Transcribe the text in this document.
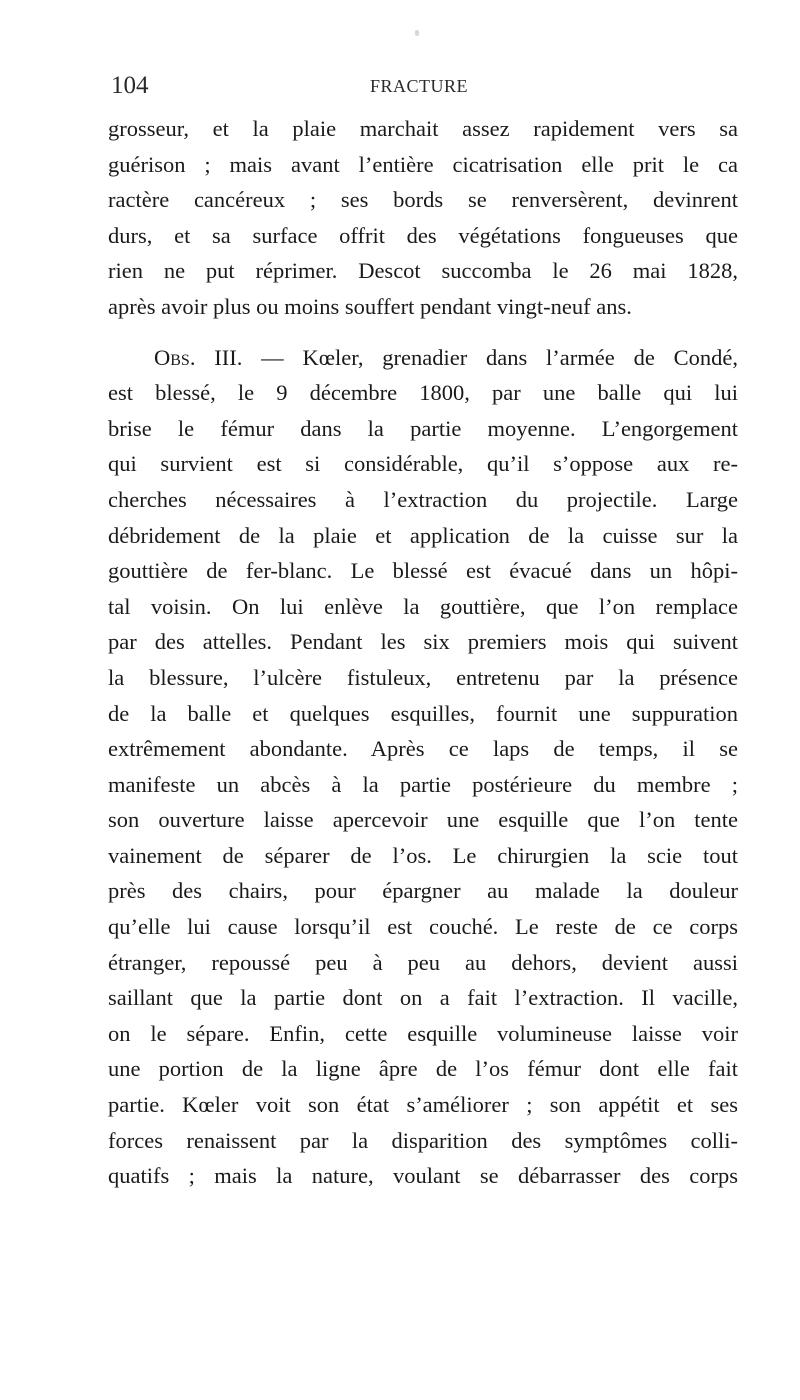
104	FRACTURE
grosseur, et la plaie marchait assez rapidement vers sa
guérison ; mais avant l’entière cicatrisation elle prit le ca
ractère cancéreux ; ses bords se renversèrent, devinrent
durs, et sa surface offrit des végétations fongueuses que
rien ne put réprimer. Descot succomba le 26 mai 1828,
après avoir plus ou moins souffert pendant vingt-neuf ans.
Obs. III. — Kœler, grenadier dans l’armée de Condé,
est blessé, le 9 décembre 1800, par une balle qui lui
brise le fémur dans la partie moyenne. L’engorgement
qui survient est si considérable, qu’il s’oppose aux re-
cherches nécessaires à l’extraction du projectile. Large
débridement de la plaie et application de la cuisse sur la
gouttière de fer-blanc. Le blessé est évacué dans un hôpi-
tal voisin. On lui enlève la gouttière, que l’on remplace
par des attelles. Pendant les six premiers mois qui suivent
la blessure, l’ulcère fistuleux, entretenu par la présence
de la balle et quelques esquilles, fournit une suppuration
extrêmement abondante. Après ce laps de temps, il se
manifeste un abcès à la partie postérieure du membre ;
son ouverture laisse apercevoir une esquille que l’on tente
vainement de séparer de l’os. Le chirurgien la scie tout
près des chairs, pour épargner au malade la douleur
qu’elle lui cause lorsqu’il est couché. Le reste de ce corps
étranger, repoussé peu à peu au dehors, devient aussi
saillant que la partie dont on a fait l’extraction. Il vacille,
on le sépare. Enfin, cette esquille volumineuse laisse voir
une portion de la ligne âpre de l’os fémur dont elle fait
partie. Kœler voit son état s’améliorer ; son appétit et ses
forces renaissent par la disparition des symptômes colli-
quatifs ; mais la nature, voulant se débarrasser des corps
